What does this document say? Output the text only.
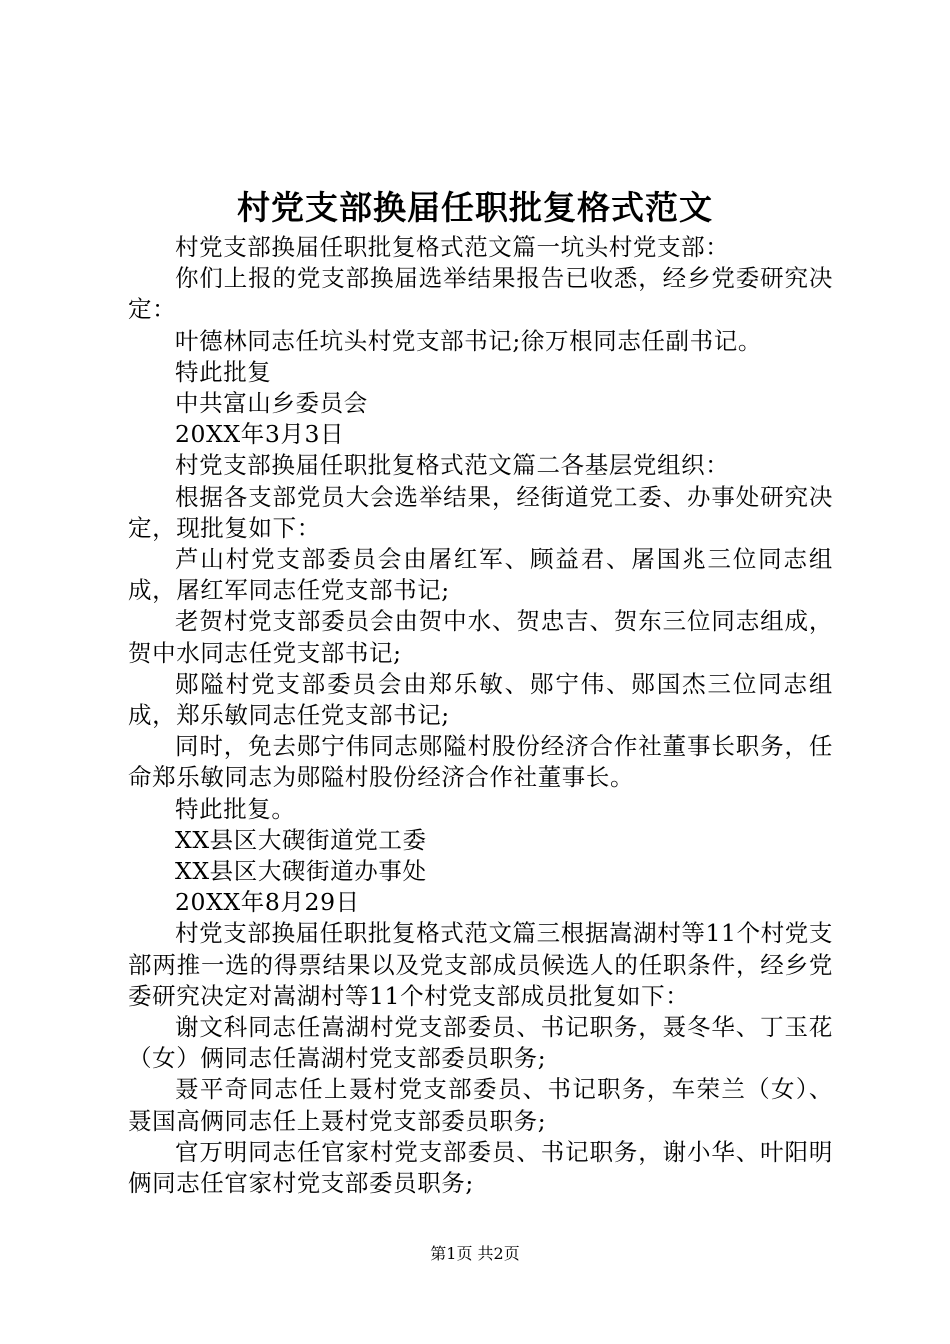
村党支部换届任职批复格式范文

村党支部换届任职批复格式范文篇一坑头村党支部：

你们上报的党支部换届选举结果报告已收悉，经乡党委研究决定：

叶德林同志任坑头村党支部书记;徐万根同志任副书记。

特此批复

中共富山乡委员会

20XX年3月3日

村党支部换届任职批复格式范文篇二各基层党组织：

根据各支部党员大会选举结果，经街道党工委、办事处研究决定，现批复如下：

芦山村党支部委员会由屠红军、顾益君、屠国兆三位同志组成，屠红军同志任党支部书记;

老贺村党支部委员会由贺中水、贺忠吉、贺东三位同志组成，贺中水同志任党支部书记;

郧隘村党支部委员会由郑乐敏、郧宁伟、郧国杰三位同志组成，郑乐敏同志任党支部书记;

同时，免去郧宁伟同志郧隘村股份经济合作社董事长职务，任命郑乐敏同志为郧隘村股份经济合作社董事长。

特此批复。

XX县区大碶街道党工委

XX县区大碶街道办事处

20XX年8月29日

村党支部换届任职批复格式范文篇三根据嵩湖村等11个村党支部两推一选的得票结果以及党支部成员候选人的任职条件，经乡党委研究决定对嵩湖村等11个村党支部成员批复如下：

谢文科同志任嵩湖村党支部委员、书记职务，聂冬华、丁玉花（女）俩同志任嵩湖村党支部委员职务;

聂平奇同志任上聂村党支部委员、书记职务，车荣兰（女）、聂国高俩同志任上聂村党支部委员职务;

官万明同志任官家村党支部委员、书记职务，谢小华、叶阳明俩同志任官家村党支部委员职务;

第1页 共2页
